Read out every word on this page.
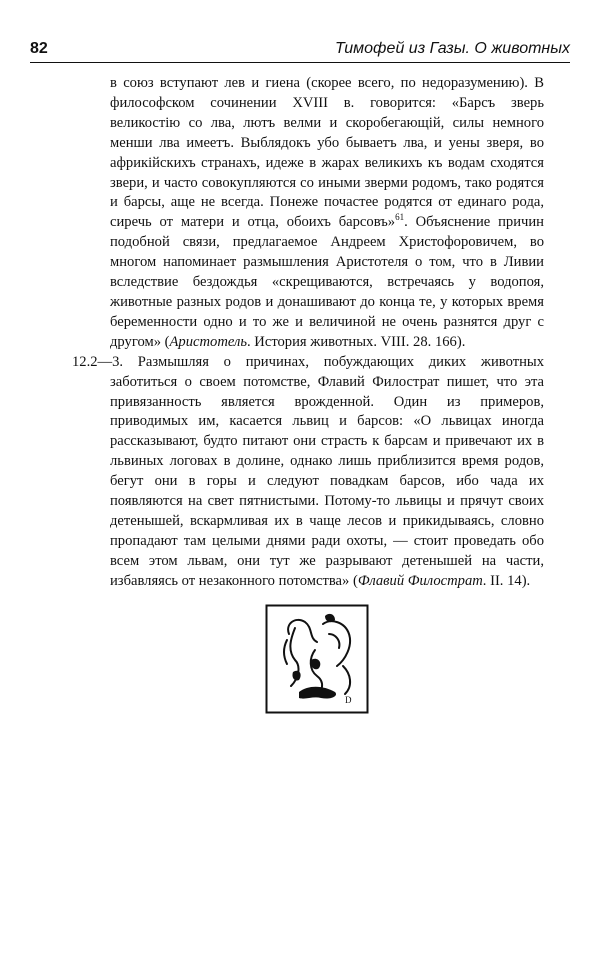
82	Тимофей из Газы. О животных

в союз вступают лев и гиена (скорее всего, по недоразумению). В философском сочинении XVIII в. говорится: «Барсъ зверь великостію со лва, лютъ велми и скоробегающій, силы немного менши лва имеетъ. Выблядокъ убо бываетъ лва, и уены зверя, во африкійскихъ странахъ, идеже в жарах великихъ къ водам сходятся звери, и часто совокупляются со иными зверми родомъ, тако родятся и барсы, аще не всегда. Понеже почастее родятся от единаго рода, сиречь от матери и отца, обоихъ барсовъ»$^{61}$. Объяснение причин подобной связи, предлагаемое Андреем Христофоровичем, во многом напоминает размышления Аристотеля о том, что в Ливии вследствие бездождья «скрещиваются, встречаясь у водопоя, животные разных родов и донашивают до конца те, у которых время беременности одно и то же и величиной не очень разнятся друг с другом» (Аристотель. История животных. VIII. 28. 166).

12.2—3. Размышляя о причинах, побуждающих диких животных заботиться о своем потомстве, Флавий Филострат пишет, что эта привязанность является врожденной. Один из примеров, приводимых им, касается львиц и барсов: «О львицах иногда рассказывают, будто питают они страсть к барсам и привечают их в львиных логовах в долине, однако лишь приблизится время родов, бегут они в горы и следуют повадкам барсов, ибо чада их появляются на свет пятнистыми. Потому-то львицы и прячут своих детенышей, вскармливая их в чаще лесов и прикидываясь, словно пропадают там целыми днями ради охоты, — стоит проведать обо всем этом львам, они тут же разрывают детенышей на части, избавляясь от незаконного потомства» (Флавий Филострат. II. 14).

D
